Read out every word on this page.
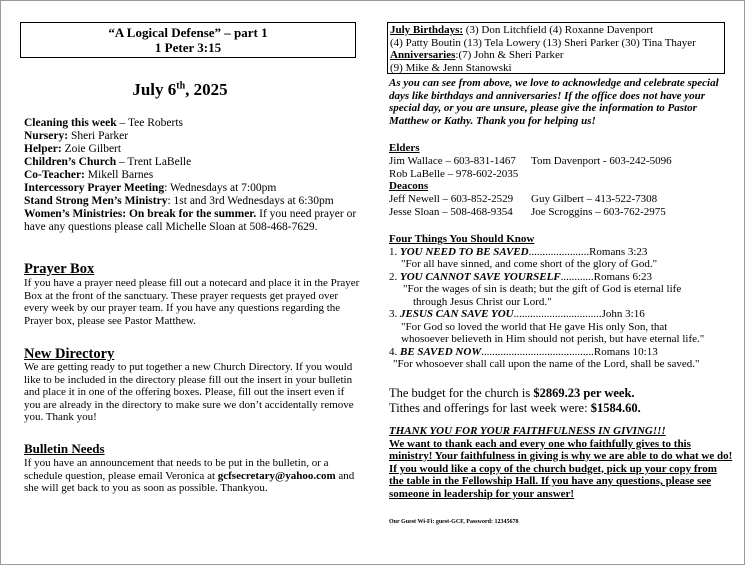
“A Logical Defense” – part 1
1 Peter 3:15
July 6th, 2025
Cleaning this week – Tee Roberts
Nursery: Sheri Parker
Helper: Zoie Gilbert
Children’s Church – Trent LaBelle
Co-Teacher: Mikell Barnes
Intercessory Prayer Meeting: Wednesdays at 7:00pm
Stand Strong Men’s Ministry: 1st and 3rd Wednesdays at 6:30pm
Women’s Ministries: On break for the summer. If you need prayer or have any questions please call Michelle Sloan at 508-468-7629.
Prayer Box
If you have a prayer need please fill out a notecard and place it in the Prayer Box at the front of the sanctuary. These prayer requests get prayed over every week by our prayer team. If you have any questions regarding the Prayer box, please see Pastor Matthew.
New Directory
We are getting ready to put together a new Church Directory. If you would like to be included in the directory please fill out the insert in your bulletin and place it in one of the offering boxes. Please, fill out the insert even if you are already in the directory to make sure we don’t accidentally remove you. Thank you!
Bulletin Needs
If you have an announcement that needs to be put in the bulletin, or a schedule question, please email Veronica at gcfsecretary@yahoo.com and she will get back to you as soon as possible. Thankyou.
July Birthdays: (3) Don Litchfield (4) Roxanne Davenport
(4) Patty Boutin (13) Tela Lowery (13) Sheri Parker (30) Tina Thayer
Anniversaries:(7) John & Sheri Parker
(9) Mike & Jenn Stanowski
As you can see from above, we love to acknowledge and celebrate special days like birthdays and anniversaries! If the office does not have your special day, or you are unsure, please give the information to Pastor Matthew or Kathy. Thank you for helping us!
Elders
Jim Wallace – 603-831-1467	Tom Davenport - 603-242-5096
Rob LaBelle – 978-602-2035
Deacons
Jeff Newell – 603-852-2529	Guy Gilbert – 413-522-7308
Jesse Sloan – 508-468-9354	Joe Scroggins – 603-762-2975
Four Things You Should Know
1. YOU NEED TO BE SAVED......................Romans 3:23
"For all have sinned, and come short of the glory of God."
2. YOU CANNOT SAVE YOURSELF............Romans 6:23
"For the wages of sin is death; but the gift of God is eternal life
through Jesus Christ our Lord."
3. JESUS CAN SAVE YOU................................John 3:16
"For God so loved the world that He gave His only Son, that
whosoever believeth in Him should not perish, but have eternal life."
4. BE SAVED NOW.........................................Romans 10:13
"For whosoever shall call upon the name of the Lord, shall be saved."
The budget for the church is $2869.23 per week.
Tithes and offerings for last week were: $1584.60.
THANK YOU FOR YOUR FAITHFULNESS IN GIVING!!!
We want to thank each and every one who faithfully gives to this ministry! Your faithfulness in giving is why we are able to do what we do! If you would like a copy of the church budget, pick up your copy from the table in the Fellowship Hall. If you have any questions, please see someone in leadership for your answer!
Our Guest Wi-Fi: guest-GCF, Password: 12345678
